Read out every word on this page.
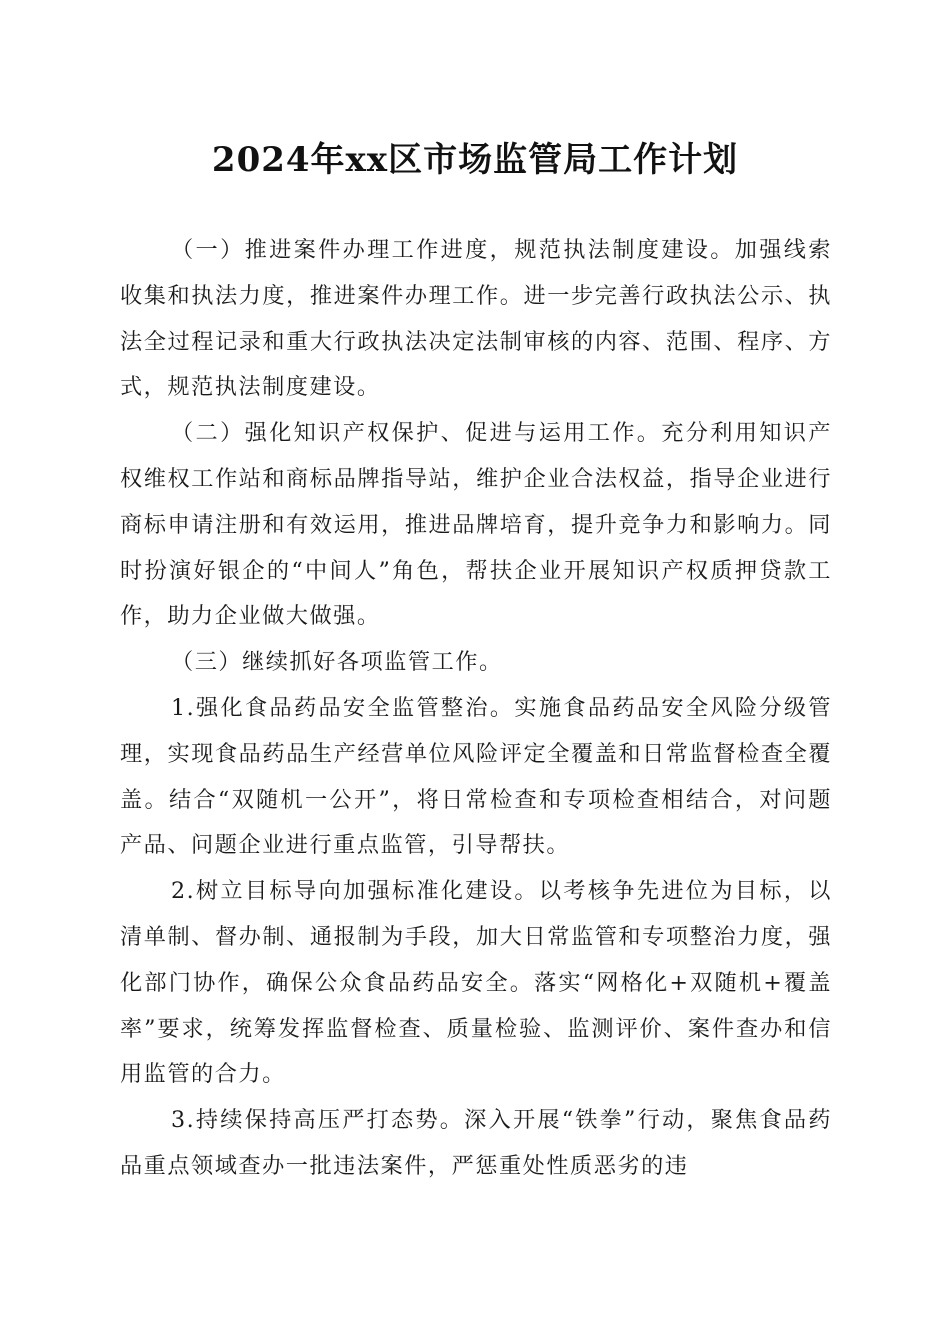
2024年xx区市场监管局工作计划

（一）推进案件办理工作进度，规范执法制度建设。加强线索收集和执法力度，推进案件办理工作。进一步完善行政执法公示、执法全过程记录和重大行政执法决定法制审核的内容、范围、程序、方式，规范执法制度建设。

（二）强化知识产权保护、促进与运用工作。充分利用知识产权维权工作站和商标品牌指导站，维护企业合法权益，指导企业进行商标申请注册和有效运用，推进品牌培育，提升竞争力和影响力。同时扮演好银企的“中间人”角色，帮扶企业开展知识产权质押贷款工作，助力企业做大做强。

（三）继续抓好各项监管工作。

1.强化食品药品安全监管整治。实施食品药品安全风险分级管理，实现食品药品生产经营单位风险评定全覆盖和日常监督检查全覆盖。结合“双随机一公开”，将日常检查和专项检查相结合，对问题产品、问题企业进行重点监管，引导帮扶。

2.树立目标导向加强标准化建设。以考核争先进位为目标，以清单制、督办制、通报制为手段，加大日常监管和专项整治力度，强化部门协作，确保公众食品药品安全。落实“网格化+双随机+覆盖率”要求，统筹发挥监督检查、质量检验、监测评价、案件查办和信用监管的合力。

3.持续保持高压严打态势。深入开展“铁拳”行动，聚焦食品药品重点领域查办一批违法案件，严惩重处性质恶劣的违
